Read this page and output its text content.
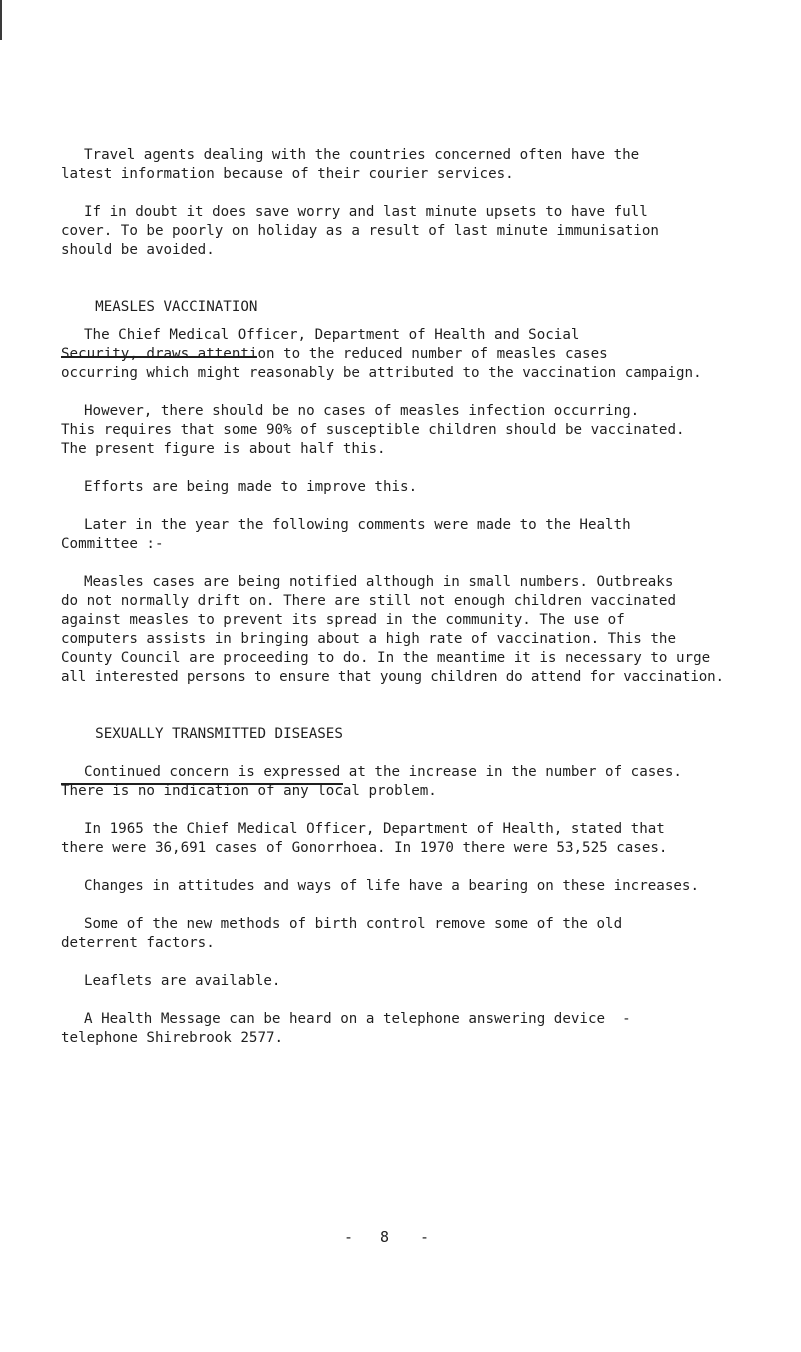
Travel agents dealing with the countries concerned often have the
latest information because of their courier services.
If in doubt it does save worry and last minute upsets to have full
cover. To be poorly on holiday as a result of last minute immunisation
should be avoided.

MEASLES VACCINATION

The Chief Medical Officer, Department of Health and Social
Security, draws attention to the reduced number of measles cases
occurring which might reasonably be attributed to the vaccination campaign.
However, there should be no cases of measles infection occurring.
This requires that some 90% of susceptible children should be vaccinated.
The present figure is about half this.
Efforts are being made to improve this.
Later in the year the following comments were made to the Health
Committee :-
Measles cases are being notified although in small numbers. Outbreaks
do not normally drift on. There are still not enough children vaccinated
against measles to prevent its spread in the community. The use of
computers assists in bringing about a high rate of vaccination. This the
County Council are proceeding to do. In the meantime it is necessary to urge
all interested persons to ensure that young children do attend for vaccination.

SEXUALLY TRANSMITTED DISEASES

Continued concern is expressed at the increase in the number of cases.
There is no indication of any local problem.
In 1965 the Chief Medical Officer, Department of Health, stated that
there were 36,691 cases of Gonorrhoea. In 1970 there were 53,525 cases.
Changes in attitudes and ways of life have a bearing on these increases.
Some of the new methods of birth control remove some of the old
deterrent factors.
Leaflets are available.
A Health Message can be heard on a telephone answering device  -
telephone Shirebrook 2577.
- 8 -
